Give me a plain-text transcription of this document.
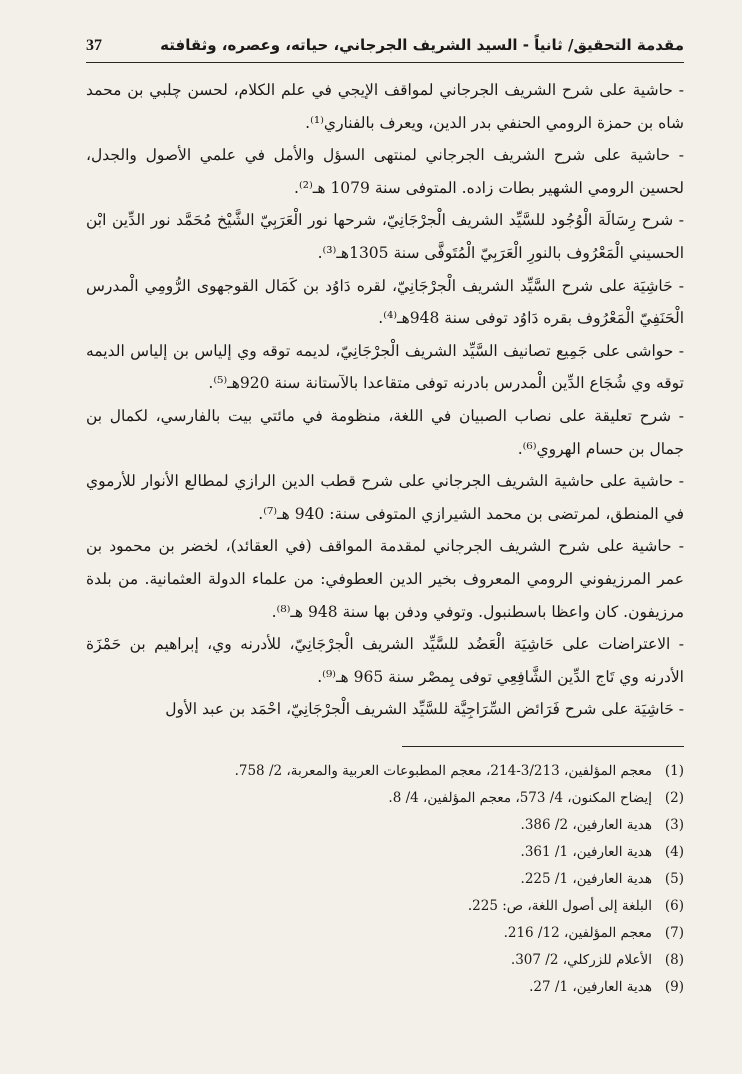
مقدمة التحقيق/ ثانياً - السيد الشريف الجرجاني، حياته، وعصره، وثقافته
37

- حاشية على شرح الشريف الجرجاني لمواقف الإيجي في علم الكلام، لحسن چلبي بن محمد شاه بن حمزة الرومي الحنفي بدر الدين، ويعرف بالفناري⁽¹⁾.

- حاشية على شرح الشريف الجرجاني لمنتهى السؤل والأمل في علمي الأصول والجدل، لحسين الرومي الشهير بطات زاده. المتوفى سنة 1079 هـ⁽²⁾.

- شرح رِسَالَة الْوُجُود للسَّيِّد الشريف الْجرْجَانِيّ، شرحها نور الْعَرَبِيّ الشَّيْخ مُحَمَّد نور الدِّين ابْن الحسيني الْمَعْرُوف بالنورِ الْعَرَبِيّ الْمُتَوفَّى سنة 1305هـ⁽³⁾.

- حَاشِيَة على شرح السَّيِّد الشريف الْجرْجَانِيّ، لقره دَاوُد بن كَمَال القوجهوى الرُّومِي الْمدرس الْحَنَفِيّ الْمَعْرُوف بقره دَاوُد توفى سنة 948هـ⁽⁴⁾.

- حواشى على جَمِيع تصانيف السَّيِّد الشريف الْجرْجَانِيّ، لديمه توقه وي إلياس بن إلياس الديمه توقه وي شُجَاع الدِّين الْمدرس بادرنه توفى متقاعدا بالآستانة سنة 920هـ⁽⁵⁾.

- شرح تعليقة على نصاب الصبيان في اللغة، منظومة في مائتي بيت بالفارسي، لكمال بن جمال بن حسام الهروي⁽⁶⁾.

- حاشية على حاشية الشريف الجرجاني على شرح قطب الدين الرازي لمطالع الأنوار للأرموي في المنطق، لمرتضى بن محمد الشيرازي المتوفى سنة: 940 هـ⁽⁷⁾.

- حاشية على شرح الشريف الجرجاني لمقدمة المواقف (في العقائد)، لخضر بن محمود بن عمر المرزيفوني الرومي المعروف بخير الدين العطوفي: من علماء الدولة العثمانية. من بلدة مرزيفون. كان واعظا باسطنبول. وتوفي ودفن بها سنة 948 هـ⁽⁸⁾.

- الاعتراضات على حَاشِيَة الْعَضُد للسَّيِّد الشريف الْجرْجَانِيّ، للأدرنه وي، إبراهيم بن حَمْزَة الأدرنه وي تَاج الدِّين الشَّافِعِي توفى بِمصْر سنة 965 هـ⁽⁹⁾.

- حَاشِيَة على شرح فَرَائض السِّرَاجِيَّة للسَّيِّد الشريف الْجرْجَانِيّ، احْمَد بن عبد الأول

(1)
معجم المؤلفين، 3/213-214، معجم المطبوعات العربية والمعربة، 2/ 758.
(2)
إيضاح المكنون، 4/ 573، معجم المؤلفين، 4/ 8.
(3)
هدية العارفين، 2/ 386.
(4)
هدية العارفين، 1/ 361.
(5)
هدية العارفين، 1/ 225.
(6)
البلغة إلى أصول اللغة، ص: 225.
(7)
معجم المؤلفين، 12/ 216.
(8)
الأعلام للزركلي، 2/ 307.
(9)
هدية العارفين، 1/ 27.
